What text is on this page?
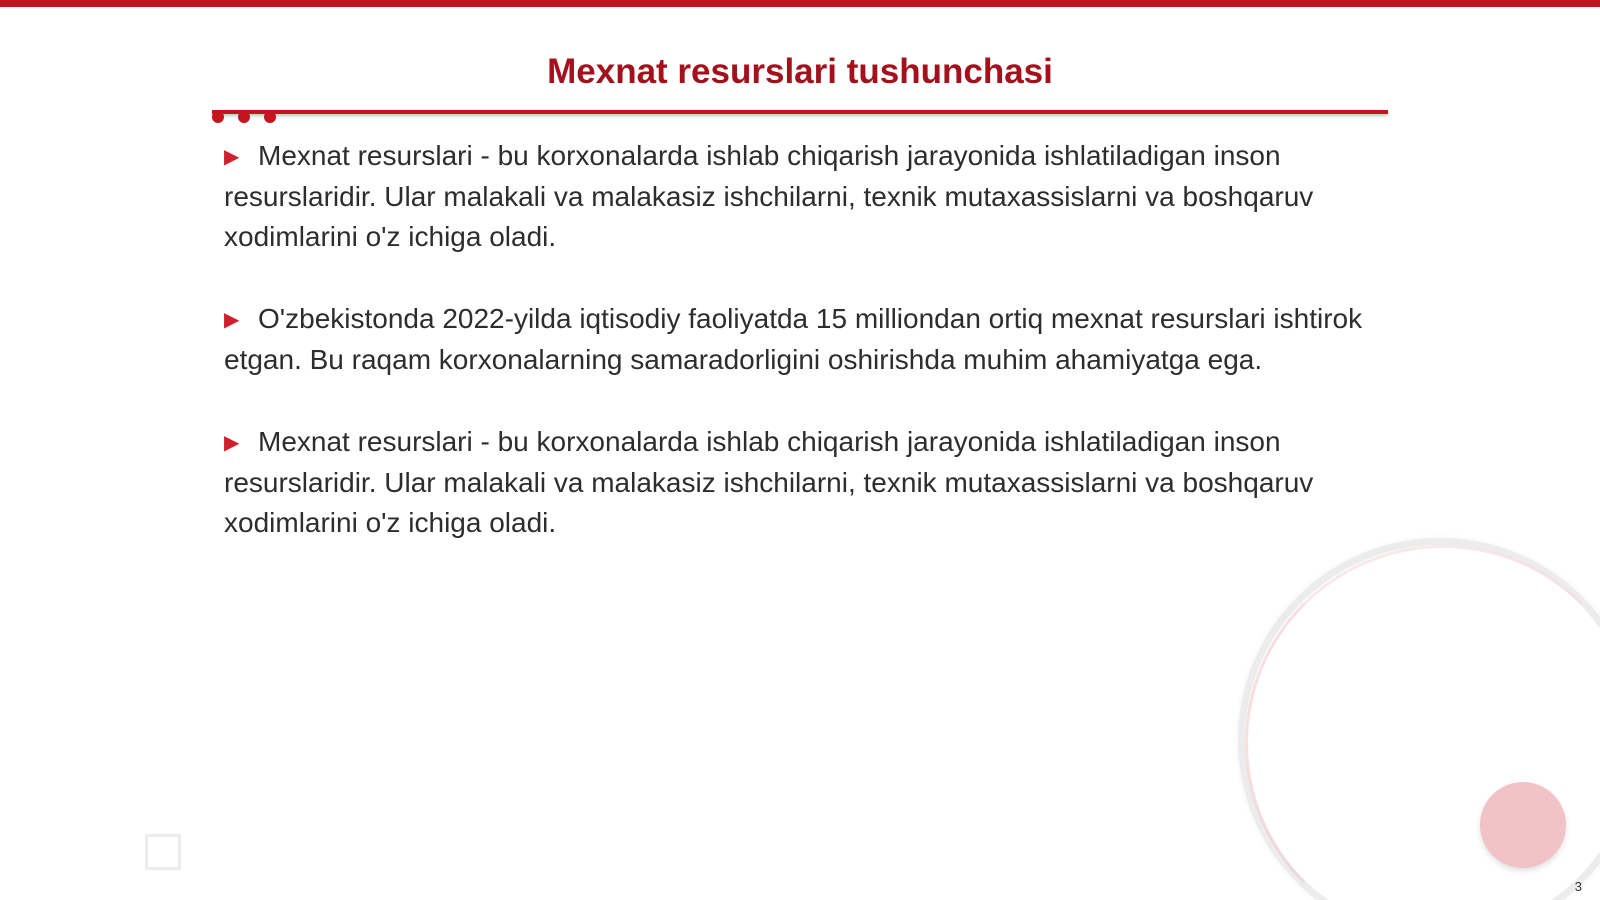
Mexnat resurslari tushunchasi

▶ Mexnat resurslari - bu korxonalarda ishlab chiqarish jarayonida ishlatiladigan inson resurslaridir. Ular malakali va malakasiz ishchilarni, texnik mutaxassislarni va boshqaruv xodimlarini o'z ichiga oladi.

▶ O'zbekistonda 2022-yilda iqtisodiy faoliyatda 15 milliondan ortiq mexnat resurslari ishtirok etgan. Bu raqam korxonalarning samaradorligini oshirishda muhim ahamiyatga ega.

▶ Mexnat resurslari - bu korxonalarda ishlab chiqarish jarayonida ishlatiladigan inson resurslaridir. Ular malakali va malakasiz ishchilarni, texnik mutaxassislarni va boshqaruv xodimlarini o'z ichiga oladi.

3
